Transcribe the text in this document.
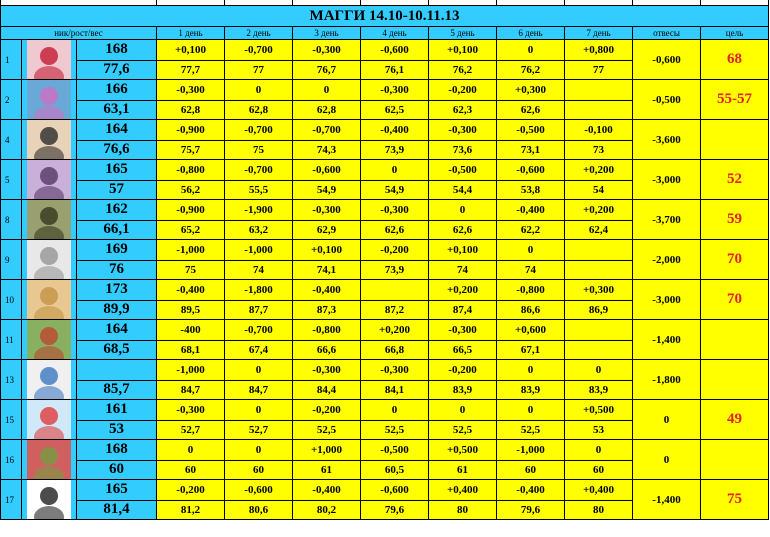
МАГГИ 14.10-10.11.13											
ник/рост/вес			1 день	2 день	3 день	4 день	5 день	6 день	7 день	отвесы	цель
1		168	+0,100	-0,700	-0,300	-0,600	+0,100	0	+0,800	-0,600	68
		77,6	77,7	77	76,7	76,1	76,2	76,2	77		
2		166	-0,300	0	0	-0,300	-0,200	+0,300		-0,500	55-57
		63,1	62,8	62,8	62,8	62,5	62,3	62,6			
4		164	-0,900	-0,700	-0,700	-0,400	-0,300	-0,500	-0,100	-3,600	
		76,6	75,7	75	74,3	73,9	73,6	73,1	73		
5		165	-0,800	-0,700	-0,600	0	-0,500	-0,600	+0,200	-3,000	52
		57	56,2	55,5	54,9	54,9	54,4	53,8	54		
8		162	-0,900	-1,900	-0,300	-0,300	0	-0,400	+0,200	-3,700	59
		66,1	65,2	63,2	62,9	62,6	62,6	62,2	62,4		
9		169	-1,000	-1,000	+0,100	-0,200	+0,100	0		-2,000	70
		76	75	74	74,1	73,9	74	74			
10		173	-0,400	-1,800	-0,400		+0,200	-0,800	+0,300	-3,000	70
		89,9	89,5	87,7	87,3	87,2	87,4	86,6	86,9		
11		164	-400	-0,700	-0,800	+0,200	-0,300	+0,600		-1,400	
		68,5	68,1	67,4	66,6	66,8	66,5	67,1			
13			-1,000	0	-0,300	-0,300	-0,200	0	0	-1,800	
		85,7	84,7	84,7	84,4	84,1	83,9	83,9	83,9		
15		161	-0,300	0	-0,200	0	0	0	+0,500	0	49
		53	52,7	52,7	52,5	52,5	52,5	52,5	53		
16		168	0	0	+1,000	-0,500	+0,500	-1,000	0	0	
		60	60	60	61	60,5	61	60	60		
17		165	-0,200	-0,600	-0,400	-0,600	+0,400	-0,400	+0,400	-1,400	75
		81,4	81,2	80,6	80,2	79,6	80	79,6	80		
